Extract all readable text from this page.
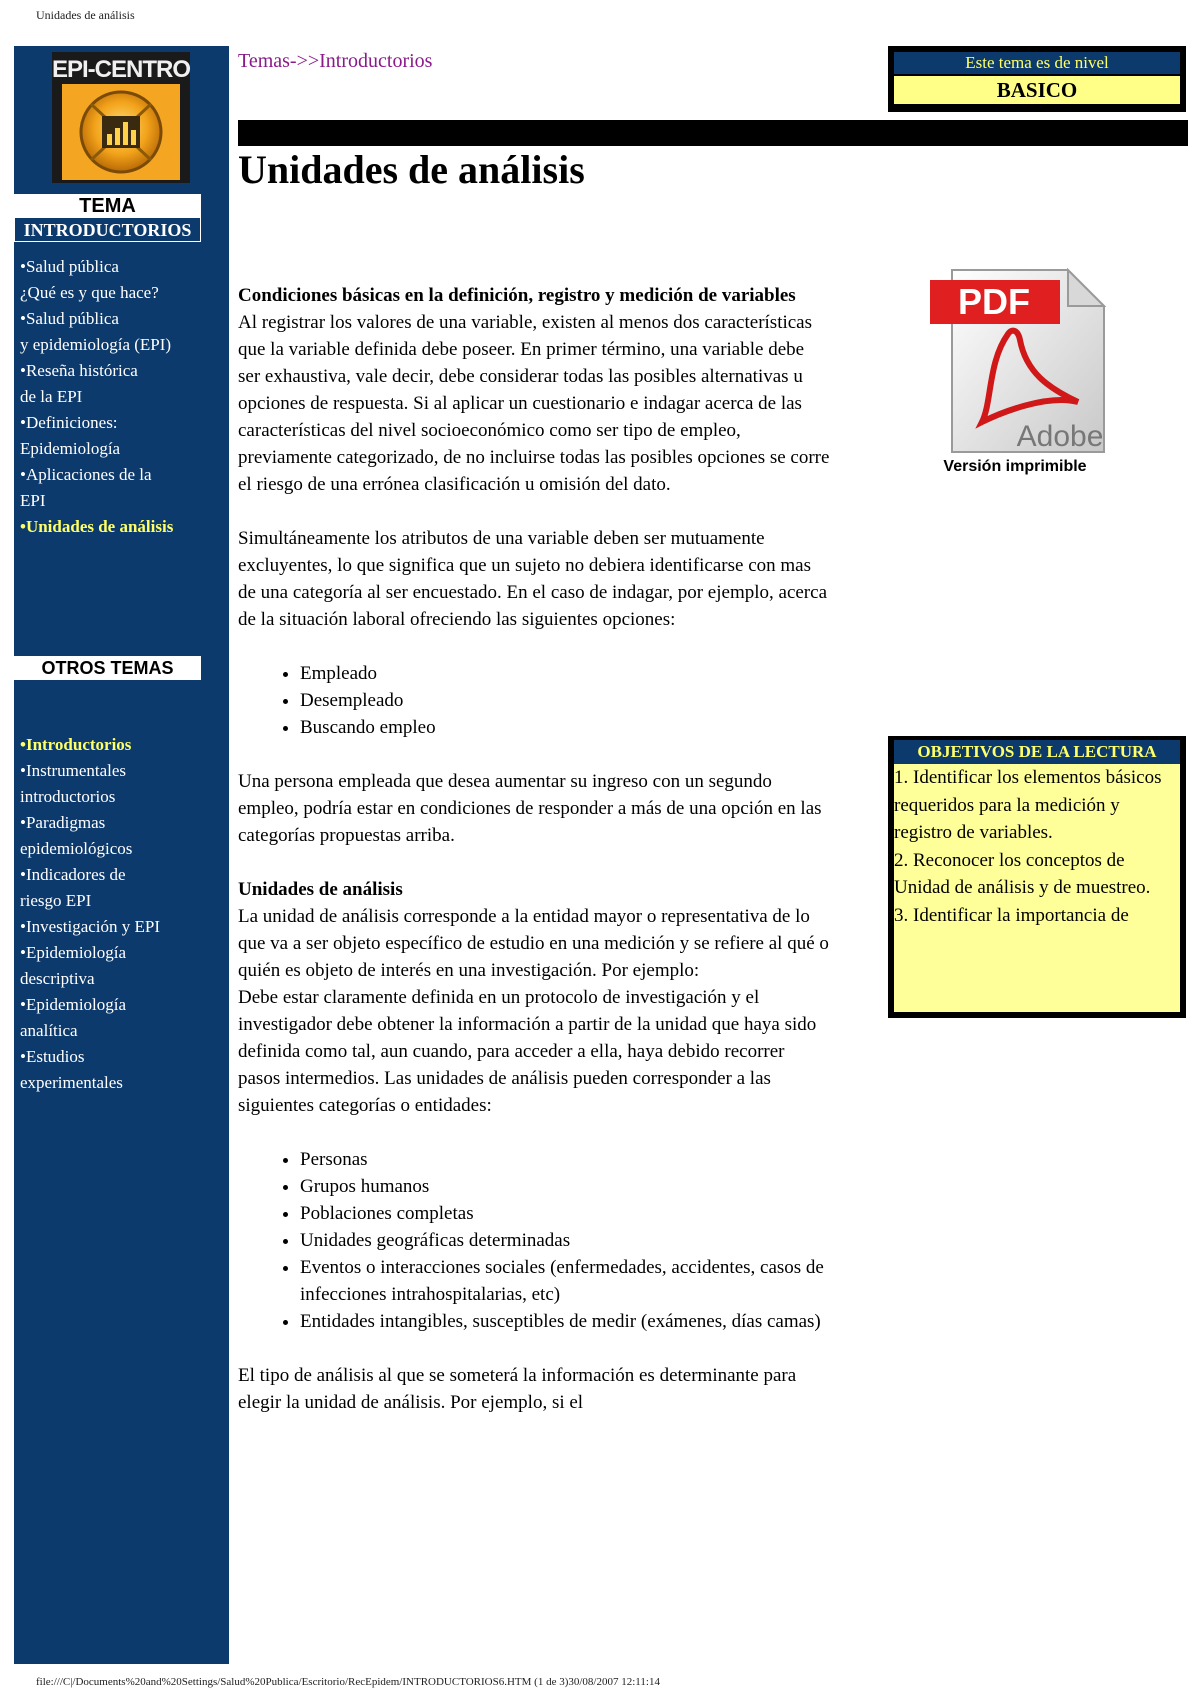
Unidades de análisis
EPI-CENTRO
TEMA
INTRODUCTORIOS
•Salud pública
¿Qué es y que hace?
•Salud pública
y epidemiología (EPI)
•Reseña histórica
de la EPI
•Definiciones:
Epidemiología
•Aplicaciones de la
EPI
•Unidades de análisis
OTROS TEMAS
•Introductorios
•Instrumentales
introductorios
•Paradigmas
epidemiológicos
•Indicadores de
riesgo EPI
•Investigación y EPI
•Epidemiología
descriptiva
•Epidemiología
analítica
•Estudios
experimentales
Temas->>Introductorios	Este tema es de nivel
BASICO
Unidades de análisis
PDF
Adobe
Versión imprimible
OBJETIVOS DE LA LECTURA
1. Identificar los elementos básicos requeridos para la medición y registro de variables.
2. Reconocer los conceptos de Unidad de análisis y de muestreo.
3. Identificar la importancia de
Condiciones básicas en la definición, registro y medición de variables

Al registrar los valores de una variable, existen al menos dos características que la variable definida debe poseer. En primer término, una variable debe ser exhaustiva, vale decir, debe considerar todas las posibles alternativas u opciones de respuesta. Si al aplicar un cuestionario e indagar acerca de las características del nivel socioeconómico como ser tipo de empleo, previamente categorizado, de no incluirse todas las posibles opciones se corre el riesgo de una errónea clasificación u omisión del dato.

Simultáneamente los atributos de una variable deben ser mutuamente excluyentes, lo que significa que un sujeto no debiera identificarse con mas de una categoría al ser encuestado. En el caso de indagar, por ejemplo, acerca de la situación laboral ofreciendo las siguientes opciones:

• Empleado
• Desempleado
• Buscando empleo

Una persona empleada que desea aumentar su ingreso con un segundo empleo, podría estar en condiciones de responder a más de una opción en las categorías propuestas arriba.

Unidades de análisis
La unidad de análisis corresponde a la entidad mayor o representativa de lo que va a ser objeto específico de estudio en una medición y se refiere al qué o quién es objeto de interés en una investigación. Por ejemplo:

Debe estar claramente definida en un protocolo de investigación y el investigador debe obtener la información a partir de la unidad que haya sido definida como tal, aun cuando, para acceder a ella, haya debido recorrer pasos intermedios. Las unidades de análisis pueden corresponder a las siguientes categorías o entidades:

• Personas
• Grupos humanos
• Poblaciones completas
• Unidades geográficas determinadas
• Eventos o interacciones sociales (enfermedades, accidentes, casos de infecciones intrahospitalarias, etc)
• Entidades intangibles, susceptibles de medir (exámenes, días camas)

El tipo de análisis al que se someterá la información es determinante para elegir la unidad de análisis. Por ejemplo, si el

file:///C|/Documents%20and%20Settings/Salud%20Publica/Escritorio/RecEpidem/INTRODUCTORIOS6.HTM (1 de 3)30/08/2007 12:11:14
